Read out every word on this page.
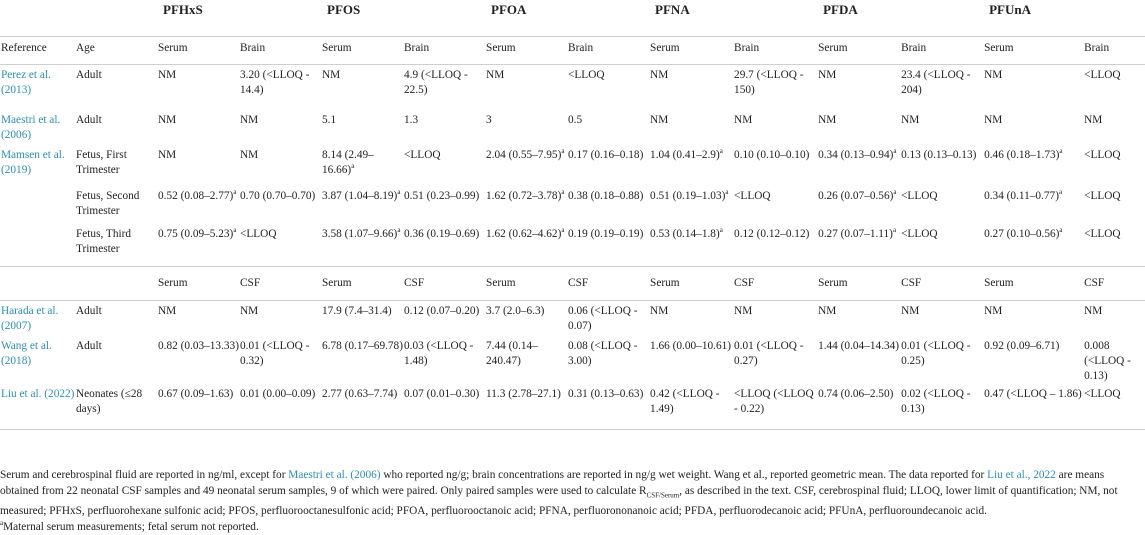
		PFHxS		PFOS		PFOA		PFNA		PFDA		PFUnA	
Reference	Age	Serum	Brain	Serum	Brain	Serum	Brain	Serum	Brain	Serum	Brain	Serum	Brain
Perez et al. (2013)	Adult	NM	3.20 (<LLOQ - 14.4)	NM	4.9 (<LLOQ - 22.5)	NM	<LLOQ	NM	29.7 (<LLOQ - 150)	NM	23.4 (<LLOQ - 204)	NM	<LLOQ
Maestri et al. (2006)	Adult	NM	NM	5.1	1.3	3	0.5	NM	NM	NM	NM	NM	NM
Mamsen et al. (2019)	Fetus, First Trimester	NM	NM	8.14 $(2.49-16.66)^a$	<LLOQ	2.04 $(0.55-7.95)^a$	0.17 (0.16–0.18)	1.04 $(0.41-2.9)^a$	0.10 (0.10–0.10)	0.34 $(0.13-0.94)^a$	0.13 (0.13–0.13)	0.46 $(0.18-1.73)^a$	<LLOQ
	Fetus, Second Trimester	0.52 $(0.08-2.77)^a$	0.70 (0.70–0.70)	3.87 $(1.04-8.19)^a$	0.51 (0.23–0.99)	1.62 $(0.72-3.78)^a$	0.38 (0.18–0.88)	0.51 $(0.19-1.03)^a$	<LLOQ	0.26 $(0.07-0.56)^a$	<LLOQ	0.34 $(0.11-0.77)^a$	<LLOQ
	Fetus, Third Trimester	0.75 $(0.09-5.23)^a$	<LLOQ	3.58 $(1.07-9.66)^a$	0.36 (0.19–0.69)	1.62 $(0.62-4.62)^a$	0.19 (0.19–0.19)	0.53 $(0.14-1.8)^a$	0.12 (0.12–0.12)	0.27 $(0.07-1.11)^a$	<LLOQ	0.27 $(0.10-0.56)^a$	<LLOQ
		Serum	CSF	Serum	CSF	Serum	CSF	Serum	CSF	Serum	CSF	Serum	CSF
Harada et al. (2007)	Adult	NM	NM	17.9 (7.4–31.4)	0.12 (0.07–0.20)	3.7 (2.0–6.3)	0.06 (<LLOQ - 0.07)	NM	NM	NM	NM	NM	NM
Wang et al. (2018)	Adult	0.82 (0.03–13.33)	0.01 (<LLOQ - 0.32)	6.78 (0.17–69.78)	0.03 (<LLOQ - 1.48)	7.44 (0.14–240.47)	0.08 (<LLOQ - 3.00)	1.66 (0.00–10.61)	0.01 (<LLOQ - 0.27)	1.44 (0.04–14.34)	0.01 (<LLOQ - 0.25)	0.92 (0.09–6.71)	0.008 (<LLOQ - 0.13)
Liu et al. (2022)	Neonates (≤28 days)	0.67 (0.09–1.63)	0.01 (0.00–0.09)	2.77 (0.63–7.74)	0.07 (0.01–0.30)	11.3 (2.78–27.1)	0.31 (0.13–0.63)	0.42 (<LLOQ - 1.49)	<LLOQ (<LLOQ - 0.22)	0.74 (0.06–2.50)	0.02 (<LLOQ - 0.13)	0.47 (<LLOQ – 1.86)	<LLOQ

Serum and cerebrospinal fluid are reported in ng/ml, except for Maestri et al. (2006) who reported ng/g; brain concentrations are reported in ng/g wet weight. Wang et al., reported geometric mean. The data reported for Liu et al., 2022 are means obtained from 22 neonatal CSF samples and 49 neonatal serum samples, 9 of which were paired. Only paired samples were used to calculate $R_{CSF/Serum}$, as described in the text. CSF, cerebrospinal fluid; LLOQ, lower limit of quantification; NM, not measured; PFHxS, perfluorohexane sulfonic acid; PFOS, perfluorooctanesulfonic acid; PFOA, perfluorooctanoic acid; PFNA, perfluorononanoic acid; PFDA, perfluorodecanoic acid; PFUnA, perfluoroundecanoic acid.

$^a$Maternal serum measurements; fetal serum not reported.
